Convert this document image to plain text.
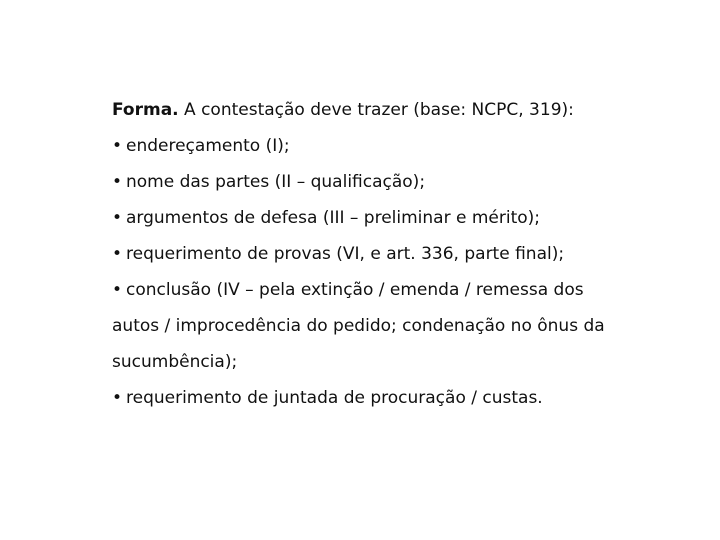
Forma. A contestação deve trazer (base: NCPC, 319):

• endereçamento (I);
• nome das partes (II – qualificação);
• argumentos de defesa (III – preliminar e mérito);
• requerimento de provas (VI, e art. 336, parte final);
• conclusão (IV – pela extinção / emenda / remessa dos autos / improcedência do pedido; condenação no ônus da sucumbência);
• requerimento de juntada de procuração / custas.
